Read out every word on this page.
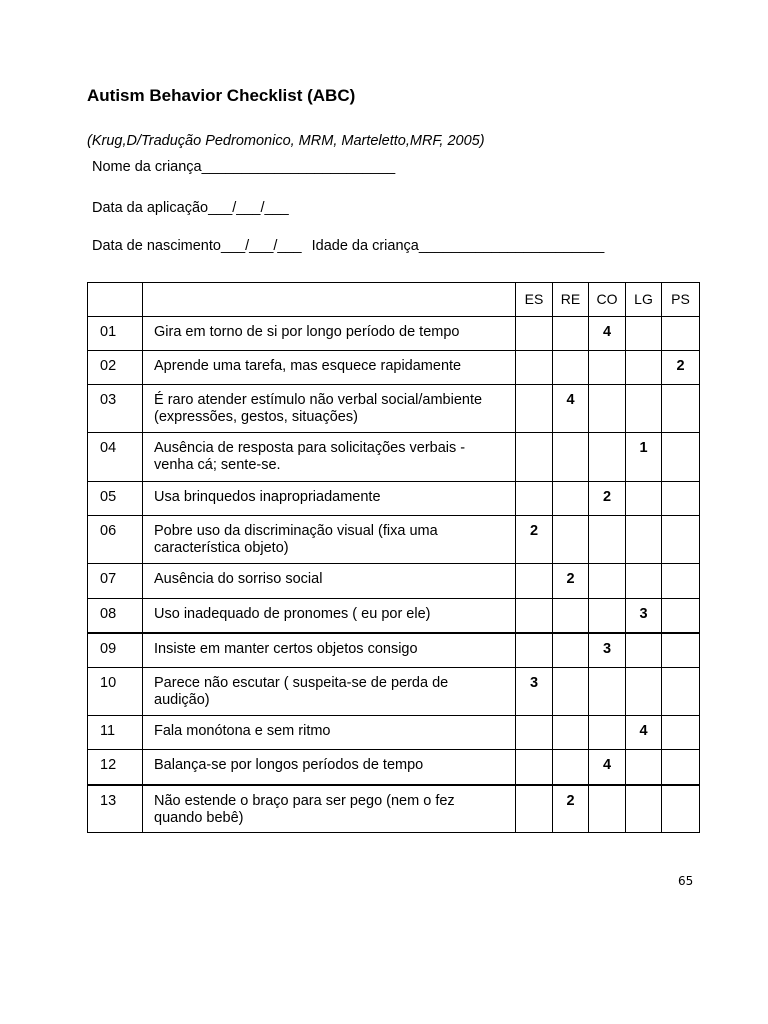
Autism Behavior Checklist (ABC)
(Krug,D/Tradução Pedromonico, MRM, Marteletto,MRF, 2005)
Nome da criança________________________
Data da aplicação___/___/___
Data de nascimento___/___/___ Idade da criança_______________________
		ES	RE	CO	LG	PS
01	Gira em torno de si por longo período de tempo			4		
02	Aprende uma tarefa, mas esquece rapidamente					2
03	É raro atender estímulo não verbal social/ambiente (expressões, gestos, situações)		4			
04	Ausência de resposta para solicitações verbais - venha cá; sente-se.				1	
05	Usa brinquedos inapropriadamente			2		
06	Pobre uso da discriminação visual (fixa uma característica objeto)	2				
07	Ausência do sorriso social		2			
08	Uso inadequado de pronomes ( eu por ele)				3	
09	Insiste em manter certos objetos consigo			3		
10	Parece não escutar ( suspeita-se de perda de audição)	3				
11	Fala monótona e sem ritmo				4	
12	Balança-se por longos períodos de tempo			4		
13	Não estende o braço para ser pego (nem o fez quando bebê)		2			
65
